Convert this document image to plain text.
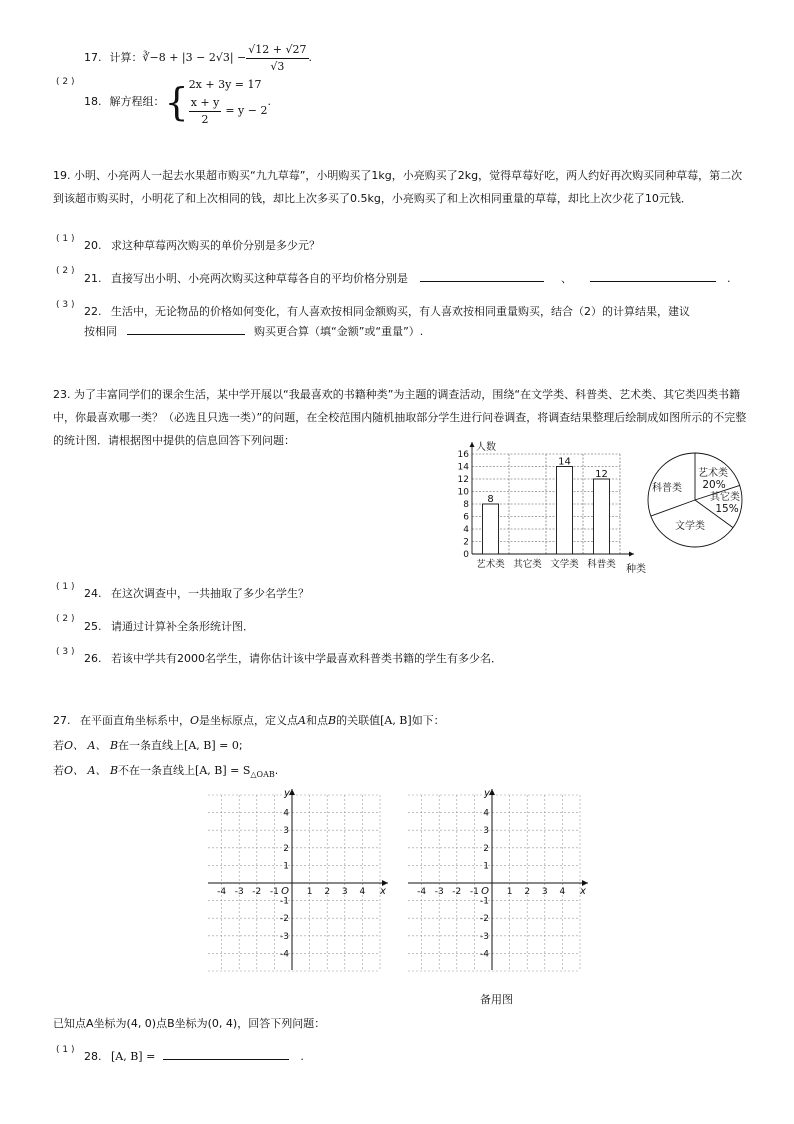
17. 计算： ∛−8 + $|3 - 2√3| - \frac{√12 + √27}{√3}$ .
( 2 )
18. 解方程组： { 2x + 3y = 17
$\frac{x + y}{2} = y - 2$
.
19. 小明、小亮两人一起去水果超市购买“九九草莓”，小明购买了1kg，小亮购买了2kg，觉得草莓好吃，两人约好再次购买同种草莓，第二次到该超市购买时，小明花了和上次相同的钱，却比上次多买了0.5kg，小亮购买了和上次相同重量的草莓，却比上次少花了10元钱．
( 1 ) 20. 求这种草莓两次购买的单价分别是多少元？
( 2 )
21. 直接写出小明、小亮两次购买这种草莓各自的平均价格分别是	、	.
( 3 ) 22. 生活中，无论物品的价格如何变化，有人喜欢按相同金额购买，有人喜欢按相同重量购买，结合（2）的计算结果，建议
按相同	购买更合算（填“金额”或“重量”）.
23. 为了丰富同学们的课余生活，某中学开展以“我最喜欢的书籍种类”为主题的调查活动，围绕“在文学类、科普类、艺术类、其它类四类书籍中，你最喜欢哪一类？（必选且只选一类）”的问题，在全校范围内随机抽取部分学生进行问卷调查，将调查结果整理后绘制成如图所示的不完整的统计图．请根据图中提供的信息回答下列问题：
0
2
4
6
8
10
12
14
16
人数
种类
8
艺术类 其它类
14
文学类
12
科普类
艺术类
20%
其它类
15%
文学类
科普类
( 1 ) 24. 在这次调查中，一共抽取了多少名学生？
( 2 )
25. 请通过计算补全条形统计图．
( 3 ) 26. 若该中学共有2000名学生，请你估计该中学最喜欢科普类书籍的学生有多少名．
27. 在平面直角坐标系中，O是坐标原点，定义点A和点B的关联值[A, B]如下：
若O、 A、 B在一条直线上[A, B] = 0;
若O、 A、 B不在一条直线上[A, $B] = S_{\triangle OAB}$.
x
y
O
-4 -3 -2 -1	1 2 3 4
4
3
2
1
-1
-2
-3
-4
x
y
O
-4 -3 -2 -1	1 2 3 4
4
3
2
1
-1
-2
-3
-4
备用图
已知点A坐标为(4, 0)点B坐标为(0, 4)，回答下列问题：
( 1 ) 28. [A, B] =	.
